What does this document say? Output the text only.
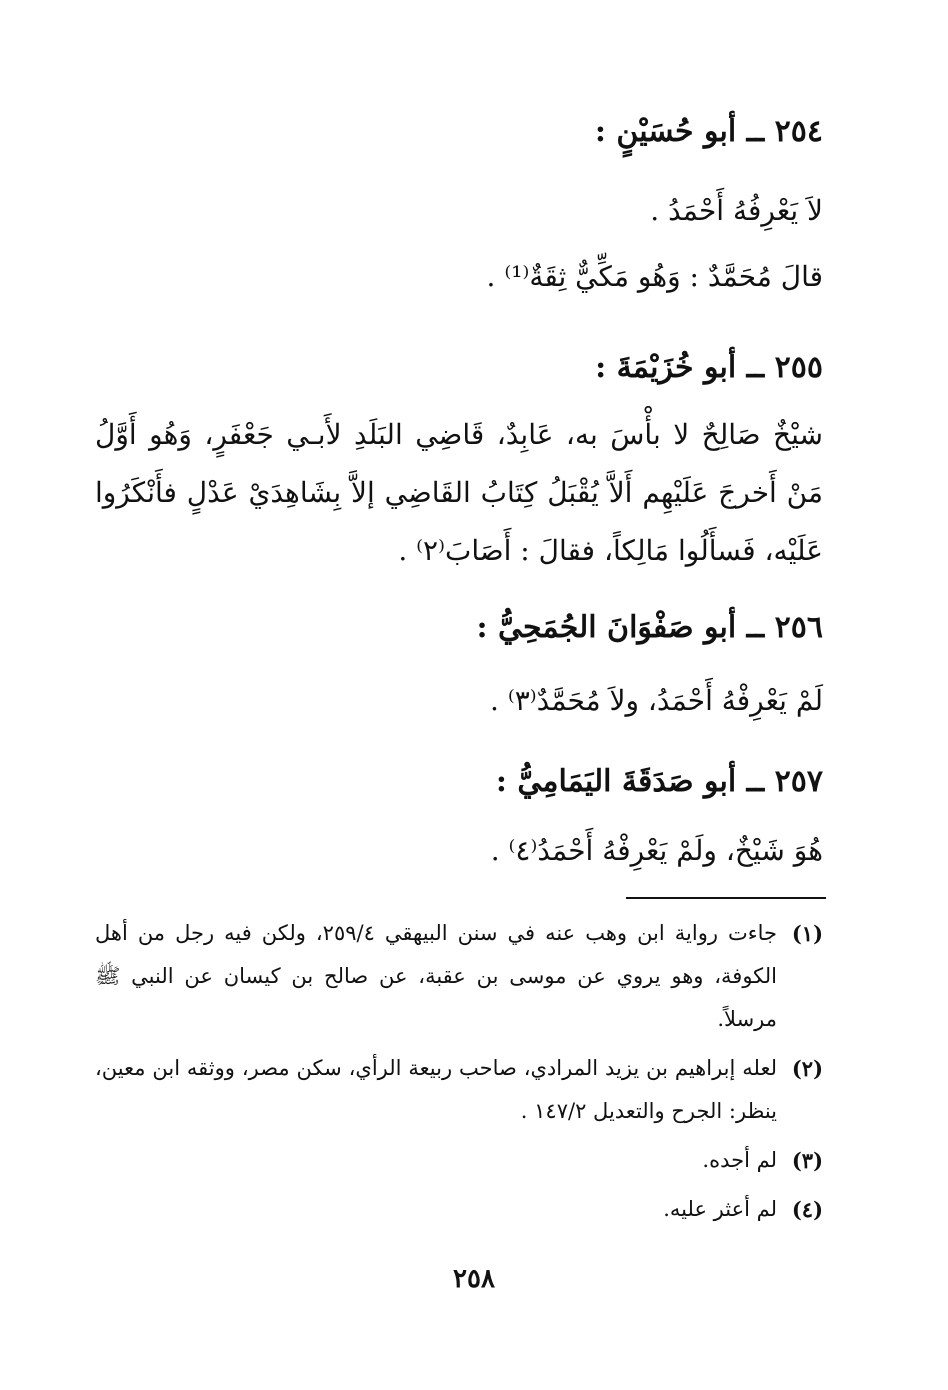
٢٥٤ ــ أبو حُسَيْنٍ :
لاَ يَعْرِفُهُ أَحْمَدُ .
قالَ مُحَمَّدٌ : وَهُو مَكِّيٌّ ثِقَةٌ⁽¹⁾ .
٢٥٥ ــ أبو خُزَيْمَةَ :
شيْخٌ صَالِحٌ لا بأْسَ به، عَابِدٌ، قَاضِي البَلَدِ لأَبـي جَعْفَرٍ، وَهُو أَوَّلُ مَنْ أَخرجَ عَلَيْهِم أَلاَّ يُقْبَلُ كِتَابُ القَاضِي إلاَّ بِشَاهِدَيْ عَدْلٍ فأَنْكَرُوا عَلَيْه، فَسأَلُوا مَالِكاً، فقالَ : أَصَابَ⁽٢⁾ .
٢٥٦ ــ أبو صَفْوَانَ الجُمَحِيُّ :
لَمْ يَعْرِفْهُ أَحْمَدُ، ولاَ مُحَمَّدٌ⁽٣⁾ .
٢٥٧ ــ أبو صَدَقَةَ اليَمَامِيُّ :
هُوَ شَيْخٌ، ولَمْ يَعْرِفْهُ أَحْمَدُ⁽٤⁾ .
(١)
جاءت رواية ابن وهب عنه في سنن البيهقي ٢٥٩/٤، ولكن فيه رجل من أهل الكوفة، وهو يروي عن موسى بن عقبة، عن صالح بن كيسان عن النبي ﷺ مرسلاً.
(٢)
لعله إبراهيم بن يزيد المرادي، صاحب ربيعة الرأي، سكن مصر، ووثقه ابن معين، ينظر: الجرح والتعديل ١٤٧/٢ .
(٣)
لم أجده.
(٤)
لم أعثر عليه.
٢٥٨
